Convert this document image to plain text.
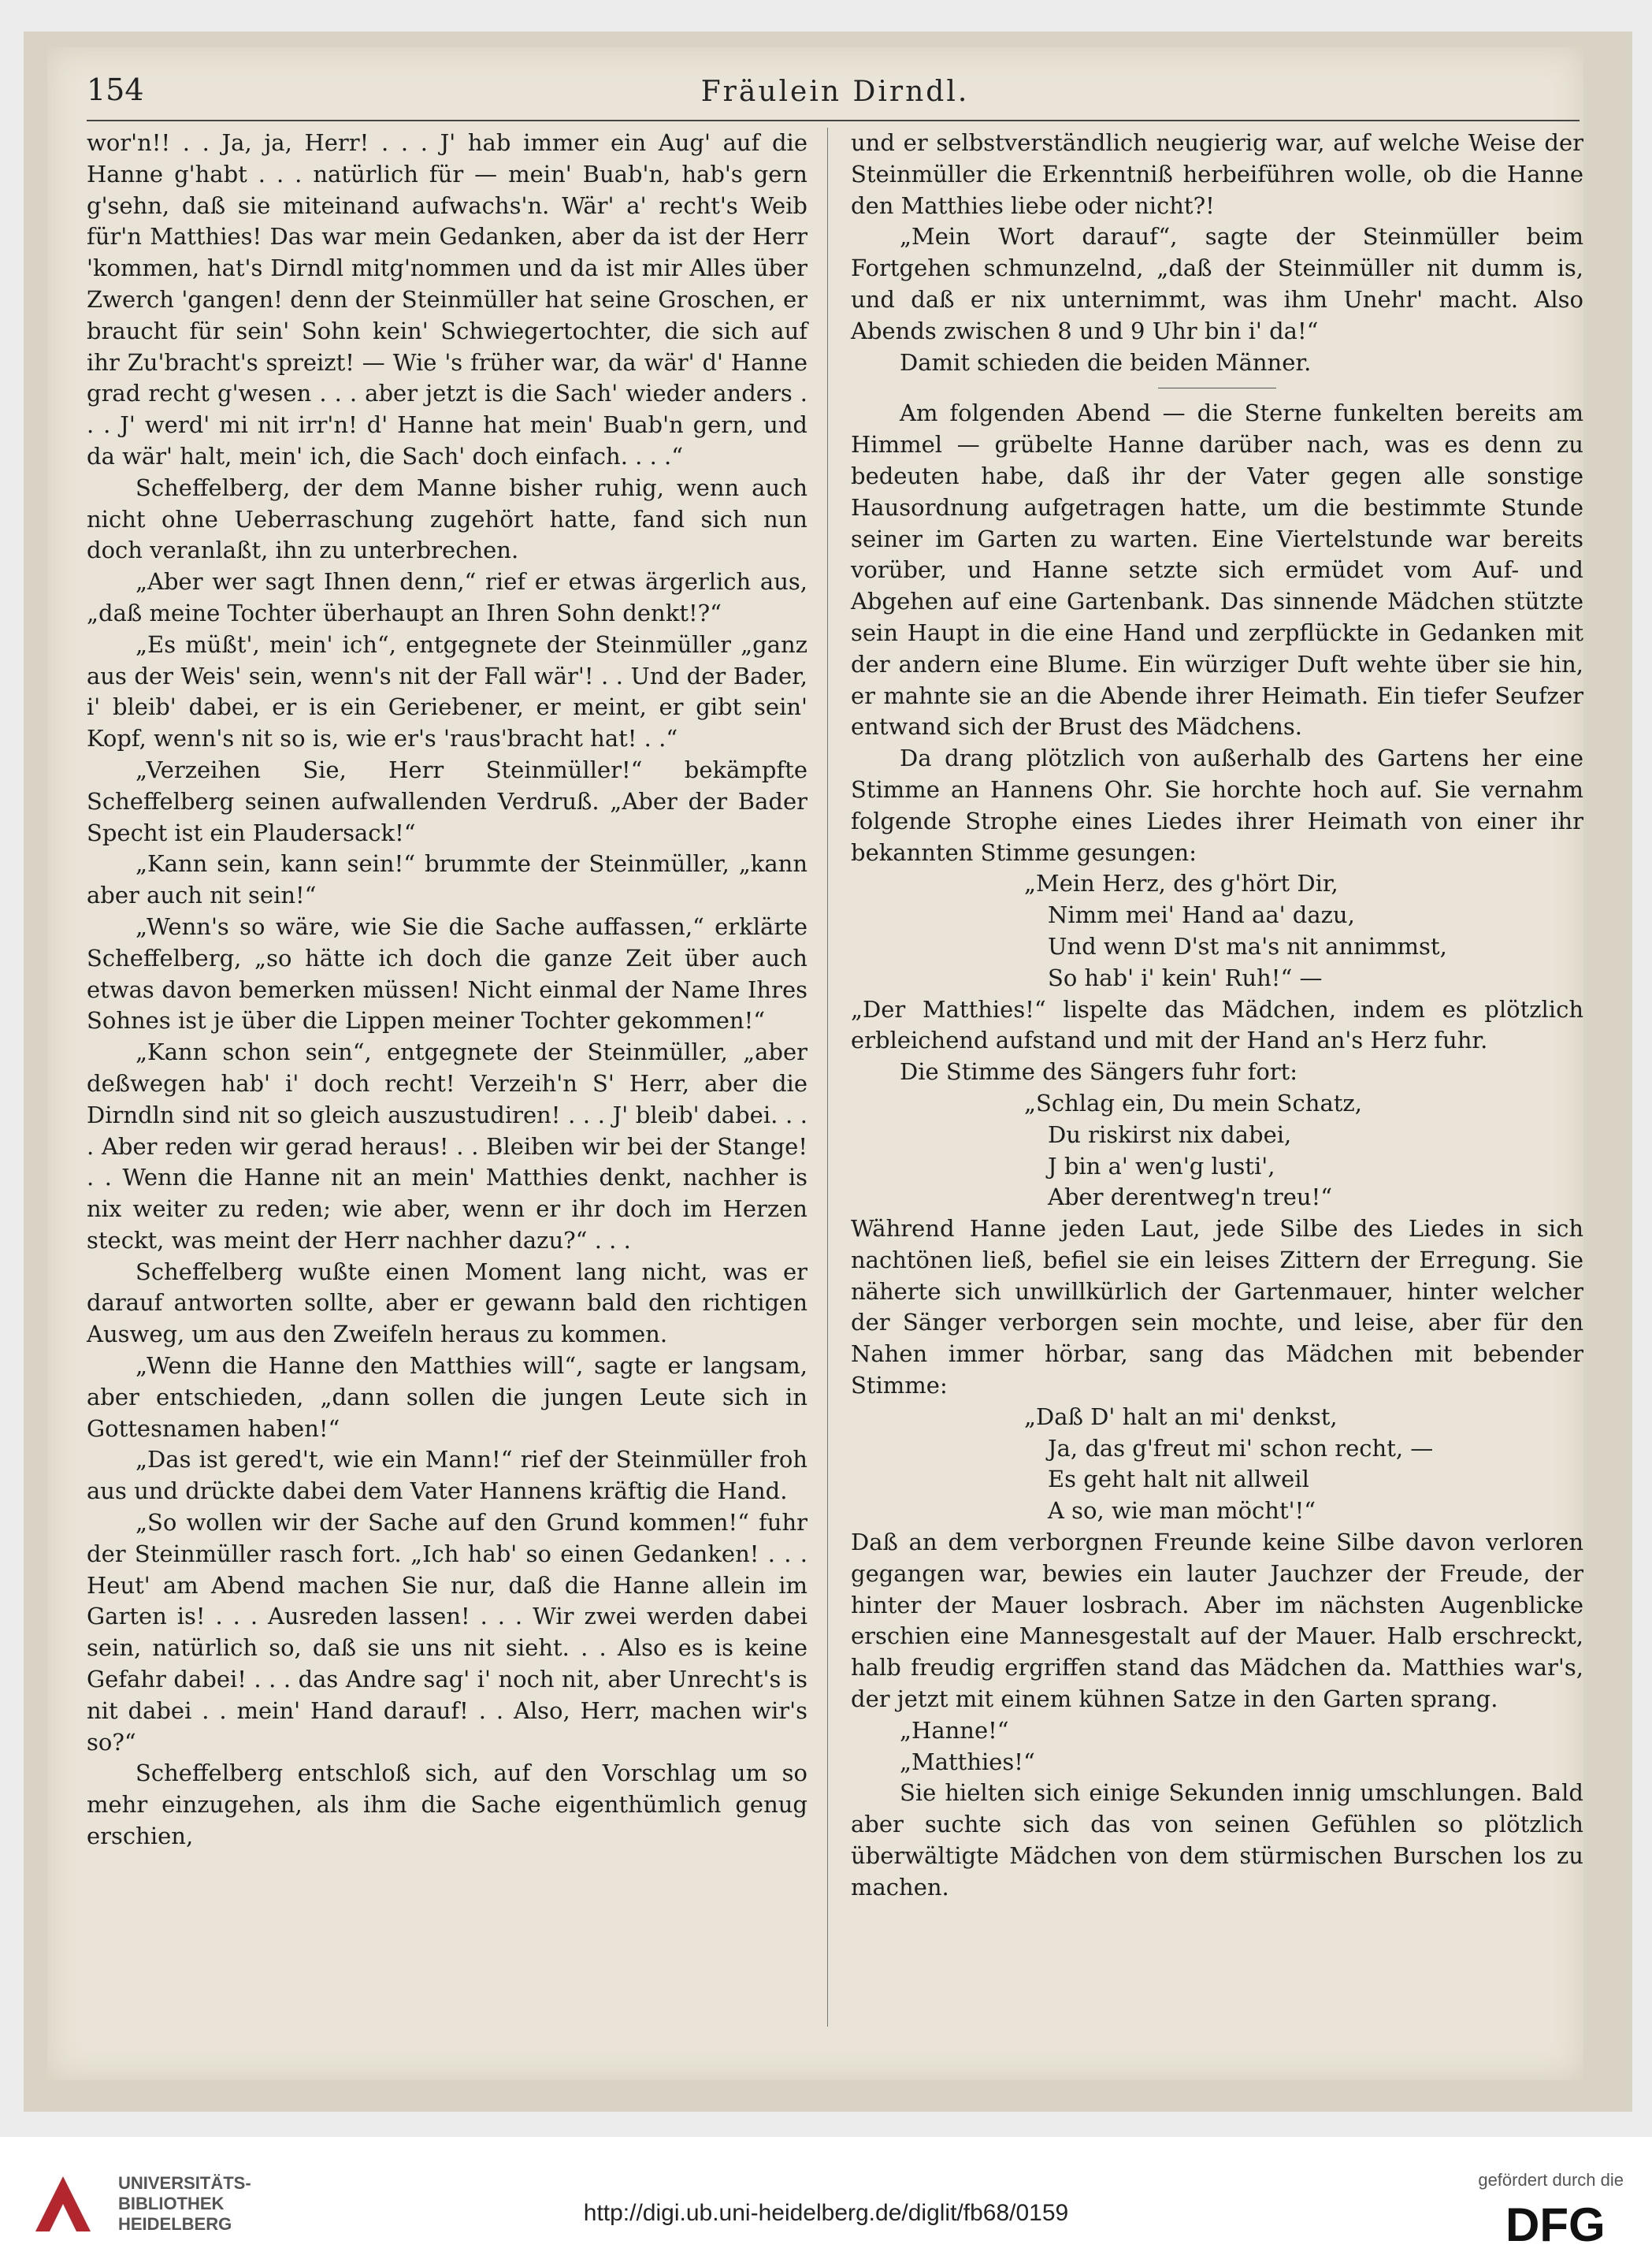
154	Fräulein Dirndl.

wor'n!! . . Ja, ja, Herr! . . . J' hab immer ein Aug' auf die Hanne g'habt . . . natürlich für — mein' Buab'n, hab's gern g'sehn, daß sie miteinand aufwachs'n. Wär' a' recht's Weib für'n Matthies! Das war mein Gedanken, aber da ist der Herr 'kommen, hat's Dirndl mitg'nommen und da ist mir Alles über Zwerch 'gangen! denn der Steinmüller hat seine Groschen, er braucht für sein' Sohn kein' Schwiegertochter, die sich auf ihr Zu'bracht's spreizt! — Wie 's früher war, da wär' d' Hanne grad recht g'wesen . . . aber jetzt is die Sach' wieder anders . . . J' werd' mi nit irr'n! d' Hanne hat mein' Buab'n gern, und da wär' halt, mein' ich, die Sach' doch einfach. . . .“

Scheffelberg, der dem Manne bisher ruhig, wenn auch nicht ohne Ueberraschung zugehört hatte, fand sich nun doch veranlaßt, ihn zu unterbrechen.

„Aber wer sagt Ihnen denn,“ rief er etwas ärgerlich aus, „daß meine Tochter überhaupt an Ihren Sohn denkt!?“

„Es müßt', mein' ich“, entgegnete der Steinmüller „ganz aus der Weis' sein, wenn's nit der Fall wär'! . . Und der Bader, i' bleib' dabei, er is ein Geriebener, er meint, er gibt sein' Kopf, wenn's nit so is, wie er's 'raus'bracht hat! . .“

„Verzeihen Sie, Herr Steinmüller!“ bekämpfte Scheffelberg seinen aufwallenden Verdruß. „Aber der Bader Specht ist ein Plaudersack!“

„Kann sein, kann sein!“ brummte der Steinmüller, „kann aber auch nit sein!“

„Wenn's so wäre, wie Sie die Sache auffassen,“ erklärte Scheffelberg, „so hätte ich doch die ganze Zeit über auch etwas davon bemerken müssen! Nicht einmal der Name Ihres Sohnes ist je über die Lippen meiner Tochter gekommen!“

„Kann schon sein“, entgegnete der Steinmüller, „aber deßwegen hab' i' doch recht! Verzeih'n S' Herr, aber die Dirndln sind nit so gleich auszustudiren! . . . J' bleib' dabei. . . . Aber reden wir gerad heraus! . . Bleiben wir bei der Stange! . . Wenn die Hanne nit an mein' Matthies denkt, nachher is nix weiter zu reden; wie aber, wenn er ihr doch im Herzen steckt, was meint der Herr nachher dazu?“ . . .

Scheffelberg wußte einen Moment lang nicht, was er darauf antworten sollte, aber er gewann bald den richtigen Ausweg, um aus den Zweifeln heraus zu kommen.

„Wenn die Hanne den Matthies will“, sagte er langsam, aber entschieden, „dann sollen die jungen Leute sich in Gottesnamen haben!“

„Das ist gered't, wie ein Mann!“ rief der Steinmüller froh aus und drückte dabei dem Vater Hannens kräftig die Hand.

„So wollen wir der Sache auf den Grund kommen!“ fuhr der Steinmüller rasch fort. „Ich hab' so einen Gedanken! . . . Heut' am Abend machen Sie nur, daß die Hanne allein im Garten is! . . . Ausreden lassen! . . . Wir zwei werden dabei sein, natürlich so, daß sie uns nit sieht. . . Also es is keine Gefahr dabei! . . . das Andre sag' i' noch nit, aber Unrecht's is nit dabei . . mein' Hand darauf! . . Also, Herr, machen wir's so?“

Scheffelberg entschloß sich, auf den Vorschlag um so mehr einzugehen, als ihm die Sache eigenthümlich genug erschien,

und er selbstverständlich neugierig war, auf welche Weise der Steinmüller die Erkenntniß herbeiführen wolle, ob die Hanne den Matthies liebe oder nicht?!

„Mein Wort darauf“, sagte der Steinmüller beim Fortgehen schmunzelnd, „daß der Steinmüller nit dumm is, und daß er nix unternimmt, was ihm Unehr' macht. Also Abends zwischen 8 und 9 Uhr bin i' da!“

Damit schieden die beiden Männer.

Am folgenden Abend — die Sterne funkelten bereits am Himmel — grübelte Hanne darüber nach, was es denn zu bedeuten habe, daß ihr der Vater gegen alle sonstige Hausordnung aufgetragen hatte, um die bestimmte Stunde seiner im Garten zu warten. Eine Viertelstunde war bereits vorüber, und Hanne setzte sich ermüdet vom Auf- und Abgehen auf eine Gartenbank. Das sinnende Mädchen stützte sein Haupt in die eine Hand und zerpflückte in Gedanken mit der andern eine Blume. Ein würziger Duft wehte über sie hin, er mahnte sie an die Abende ihrer Heimath. Ein tiefer Seufzer entwand sich der Brust des Mädchens.

Da drang plötzlich von außerhalb des Gartens her eine Stimme an Hannens Ohr. Sie horchte hoch auf. Sie vernahm folgende Strophe eines Liedes ihrer Heimath von einer ihr bekannten Stimme gesungen:

„Mein Herz, des g'hört Dir,
Nimm mei' Hand aa' dazu,
Und wenn D'st ma's nit annimmst,
So hab' i' kein' Ruh!“ —

„Der Matthies!“ lispelte das Mädchen, indem es plötzlich erbleichend aufstand und mit der Hand an's Herz fuhr.

Die Stimme des Sängers fuhr fort:

„Schlag ein, Du mein Schatz,
Du riskirst nix dabei,
J bin a' wen'g lusti',
Aber derentweg'n treu!“

Während Hanne jeden Laut, jede Silbe des Liedes in sich nachtönen ließ, befiel sie ein leises Zittern der Erregung. Sie näherte sich unwillkürlich der Gartenmauer, hinter welcher der Sänger verborgen sein mochte, und leise, aber für den Nahen immer hörbar, sang das Mädchen mit bebender Stimme:

„Daß D' halt an mi' denkst,
Ja, das g'freut mi' schon recht, —
Es geht halt nit allweil
A so, wie man möcht'!“

Daß an dem verborgnen Freunde keine Silbe davon verloren gegangen war, bewies ein lauter Jauchzer der Freude, der hinter der Mauer losbrach. Aber im nächsten Augenblicke erschien eine Mannesgestalt auf der Mauer. Halb erschreckt, halb freudig ergriffen stand das Mädchen da. Matthies war's, der jetzt mit einem kühnen Satze in den Garten sprang.

„Hanne!“

„Matthies!“

Sie hielten sich einige Sekunden innig umschlungen. Bald aber suchte sich das von seinen Gefühlen so plötzlich überwältigte Mädchen von dem stürmischen Burschen los zu machen.

UNIVERSITÄTS-
BIBLIOTHEK
HEIDELBERG	http://digi.ub.uni-heidelberg.de/diglit/fb68/0159
gefördert durch die
DFG
